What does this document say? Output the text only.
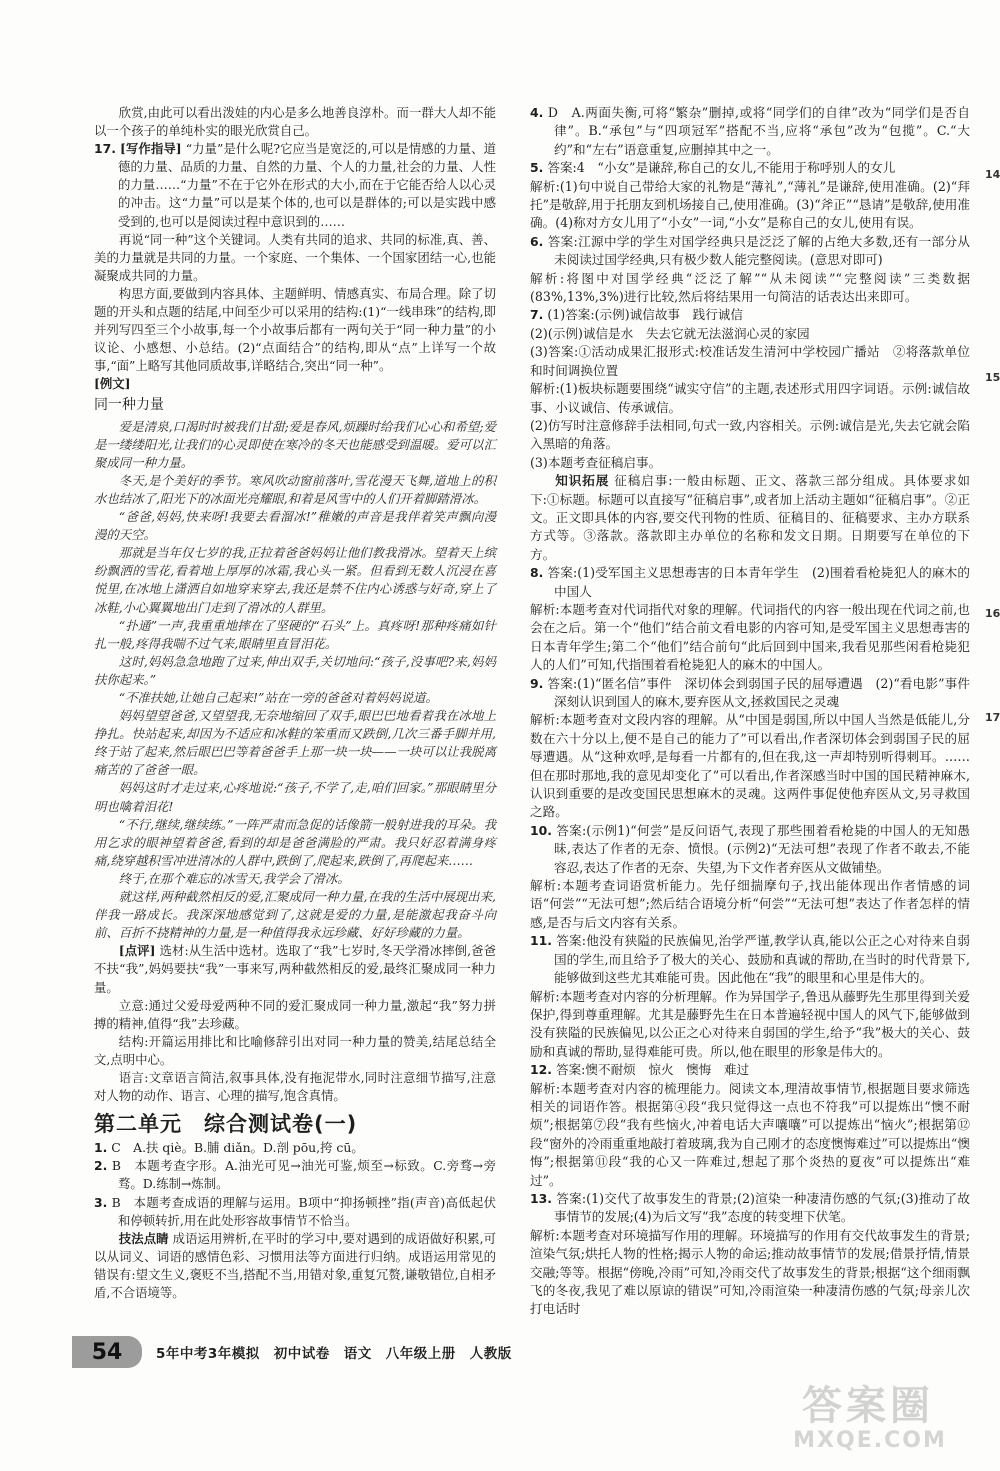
欣赏,由此可以看出泼娃的内心是多么地善良淳朴。而一群大人却不能以一个孩子的单纯朴实的眼光欣赏自己。

17. [写作指导] “力量”是什么呢?它应当是宽泛的,可以是情感的力量、道德的力量、品质的力量、自然的力量、个人的力量,社会的力量、人性的力量……“力量”不在于它外在形式的大小,而在于它能否给人以心灵的冲击。这“力量”可以是某个体的,也可以是群体的;可以是实践中感受到的,也可以是阅读过程中意识到的……

再说“同一种”这个关键词。人类有共同的追求、共同的标准,真、善、美的力量就是共同的力量。一个家庭、一个集体、一个国家团结一心,也能凝聚成共同的力量。

构思方面,要做到内容具体、主题鲜明、情感真实、布局合理。除了切题的开头和点题的结尾,中间至少可以采用的结构:(1)“一线串珠”的结构,即并列写四至三个小故事,每一个小故事后都有一两句关于“同一种力量”的小议论、小感想、小总结。(2)“点面结合”的结构,即从“点”上详写一个故事,“面”上略写其他同质故事,详略结合,突出“同一种”。

[例文]

同一种力量

爱是清泉,口渴时时被我们甘甜;爱是春风,烦躁时给我们心心和希望;爱是一缕缕阳光,让我们的心灵即使在寒冷的冬天也能感受到温暖。爱可以汇聚成同一种力量。

冬天,是个美好的季节。寒风吹动窗前落叶,雪花漫天飞舞,道地上的积水也结冰了,阳光下的冰面光亮耀眼,和着是风雪中的人们开着脚踏滑冰。

“爸爸,妈妈,快来呀!我要去看溜冰!”稚嫩的声音是我伴着笑声飘向漫漫的天空。

那就是当年仅七岁的我,正拉着爸爸妈妈让他们教我滑冰。望着天上缤纷飘洒的雪花,看着地上厚厚的冰霜,我心头一紧。但看到无数人沉浸在喜悦里,在冰地上潇洒自如地穿来穿去,我还是禁不住内心诱惑与好奇,穿上了冰鞋,小心翼翼地出门走到了滑冰的人群里。

“扑通”一声,我重重地摔在了坚硬的“石头”上。真疼呀!那种疼痛如针扎一般,疼得我喘不过气来,眼睛里直冒泪花。

这时,妈妈急急地跑了过来,伸出双手,关切地问:“孩子,没事吧?来,妈妈扶你起来。”

“不准扶她,让她自己起来!”站在一旁的爸爸对着妈妈说道。

妈妈望望爸爸,又望望我,无奈地缩回了双手,眼巴巴地看着我在冰地上挣扎。快站起来,却因为不适应和冰鞋的笨重而又跌倒,几次三番手脚并用,终于站了起来,然后眼巴巴等着爸爸手上那一块一块——一块可以让我脱离痛苦的了爸爸一眼。

妈妈这时才走过来,心疼地说:“孩子,不学了,走,咱们回家。”那眼睛里分明也噙着泪花!

“不行,继续,继续练。”一阵严肃而急促的话像箭一般射进我的耳朵。我用乞求的眼神望着爸爸,看到的却是爸爸满脸的严肃。我只好忍着满身疼痛,绕穿越积雪冲进清冰的人群中,跌倒了,爬起来,跌倒了,再爬起来……

终于,在那个难忘的冰雪天,我学会了滑冰。

就这样,两种截然相反的爱,汇聚成同一种力量,在我的生活中展现出来,伴我一路成长。我深深地感觉到了,这就是爱的力量,是能激起我奋斗向前、百折不挠精神的力量,是一种值得我永远珍藏、好好珍藏的力量。

[点评] 选材:从生活中选材。选取了“我”七岁时,冬天学滑冰摔倒,爸爸不扶“我”,妈妈要扶“我”一事来写,两种截然相反的爱,最终汇聚成同一种力量。

立意:通过父爱母爱两种不同的爱汇聚成同一种力量,激起“我”努力拼搏的精神,值得“我”去珍藏。

结构:开篇运用排比和比喻修辞引出对同一种力量的赞美,结尾总结全文,点明中心。

语言:文章语言简洁,叙事具体,没有拖泥带水,同时注意细节描写,注意对人物的动作、语言、心理的描写,饱含真情。

第二单元　综合测试卷(一)

1. C　A.扶 qiè。B.脯 diǎn。D.剖 pōu,挎 cū。

2. B　本题考查字形。A.油光可见→油光可鉴,烦至→标致。C.旁骛→旁骛。D.练制→炼制。

3. B　本题考查成语的理解与运用。B项中“抑扬顿挫”指(声音)高低起伏和停顿转折,用在此处形容故事情节不恰当。

技法点睛 成语运用辨析,在平时的学习中,要对遇到的成语做好积累,可以从词义、词语的感情色彩、习惯用法等方面进行归纳。成语运用常见的错误有:望文生义,褒贬不当,搭配不当,用错对象,重复冗赘,谦敬错位,自相矛盾,不合语境等。

4. D　A.两面失衡,可将“繁杂”删掉,或将“同学们的自律”改为“同学们是否自律”。B.“承包”与“四项冠军”搭配不当,应将“承包”改为“包揽”。C.“大约”和“左右”语意重复,应删掉其中之一。

5. 答案:4　“小女”是谦辞,称自己的女儿,不能用于称呼别人的女儿

解析:(1)句中说自己带给大家的礼物是“薄礼”,“薄礼”是谦辞,使用准确。(2)“拜托”是敬辞,用于托朋友到机场接自己,使用准确。(3)“斧正”“恳请”是敬辞,使用准确。(4)称对方女儿用了“小女”一词,“小女”是称自己的女儿,使用有误。

6. 答案:江源中学的学生对国学经典只是泛泛了解的占绝大多数,还有一部分从未阅读过国学经典,只有极少数人能完整阅读。(意思对即可)

解析:将图中对国学经典“泛泛了解”“从未阅读”“完整阅读”三类数据(83%,13%,3%)进行比较,然后将结果用一句简洁的话表达出来即可。

7. (1)答案:(示例)诚信故事　践行诚信

(2)(示例)诚信是水　失去它就无法滋润心灵的家园

(3)答案:①活动成果汇报形式:校准话发生清河中学校园广播站　②将落款单位和时间调换位置

解析:(1)板块标题要围绕“诚实守信”的主题,表述形式用四字词语。示例:诚信故事、小议诚信、传承诚信。

(2)仿写时注意修辞手法相同,句式一致,内容相关。示例:诚信是光,失去它就会陷入黑暗的角落。

(3)本题考查征稿启事。

知识拓展 征稿启事:一般由标题、正文、落款三部分组成。具体要求如下:①标题。标题可以直接写“征稿启事”,或者加上活动主题如“征稿启事”。②正文。正文即具体的内容,要交代刊物的性质、征稿目的、征稿要求、主办方联系方式等。③落款。落款即主办单位的名称和发文日期。日期要写在单位的下方。

8. 答案:(1)受军国主义思想毒害的日本青年学生　(2)围着看枪毙犯人的麻木的中国人

解析:本题考查对代词指代对象的理解。代词指代的内容一般出现在代词之前,也会在之后。第一个“他们”结合前文看电影的内容可知,是受军国主义思想毒害的日本青年学生;第二个“他们”结合前句“此后回到中国来,我看见那些闲看枪毙犯人的人们”可知,代指围着看枪毙犯人的麻木的中国人。

9. 答案:(1)“匿名信”事件　深切体会到弱国子民的屈辱遭遇　(2)“看电影”事件　深刻认识到国人的麻木,要弃医从文,拯救国民之灵魂

解析:本题考查对文段内容的理解。从“中国是弱国,所以中国人当然是低能儿,分数在六十分以上,便不是自己的能力了”可以看出,作者深切体会到弱国子民的屈辱遭遇。从“这种欢呼,是每看一片都有的,但在我,这一声却特别听得刺耳。……但在那时那地,我的意见却变化了”可以看出,作者深感当时中国的国民精神麻木,认识到重要的是改变国民思想麻木的灵魂。这两件事促使他弃医从文,另寻救国之路。

10. 答案:(示例1)“何尝”是反问语气,表现了那些围着看枪毙的中国人的无知愚昧,表达了作者的无奈、愤恨。(示例2)“无法可想”表现了作者不敢去,不能容忍,表达了作者的无奈、失望,为下文作者弃医从文做铺垫。

解析:本题考查词语赏析能力。先仔细揣摩句子,找出能体现出作者情感的词语“何尝”“无法可想”;然后结合语境分析“何尝”“无法可想”表达了作者怎样的情感,是否与后文内容有关系。

11. 答案:他没有狭隘的民族偏见,治学严谨,教学认真,能以公正之心对待来自弱国的学生,而且给予了极大的关心、鼓励和真诚的帮助,在当时的时代背景下,能够做到这些尤其难能可贵。因此他在“我”的眼里和心里是伟大的。

解析:本题考查对内容的分析理解。作为异国学子,鲁迅从藤野先生那里得到关爱保护,得到尊重理解。尤其是藤野先生在日本普遍轻视中国人的风气下,能够做到没有狭隘的民族偏见,以公正之心对待来自弱国的学生,给予“我”极大的关心、鼓励和真诚的帮助,显得难能可贵。所以,他在眼里的形象是伟大的。

12. 答案:懊不耐烦　惊火　懊悔　难过

解析:本题考查对内容的梳理能力。阅读文本,理清故事情节,根据题目要求筛选相关的词语作答。根据第④段“我只觉得这一点也不符我”可以提炼出“懊不耐烦”;根据第⑦段“我有些恼火,冲着电话大声嚷嚷”可以提炼出“恼火”;根据第⑫段“窗外的冷雨重重地敲打着玻璃,我为自己刚才的态度懊悔难过”可以提炼出“懊悔”;根据第⑪段“我的心又一阵难过,想起了那个炎热的夏夜”可以提炼出“难过”。

13. 答案:(1)交代了故事发生的背景;(2)渲染一种凄清伤感的气氛;(3)推动了故事情节的发展;(4)为后文写“我”态度的转变埋下伏笔。

解析:本题考查对环境描写作用的理解。环境描写的作用有交代故事发生的背景;渲染气氛;烘托人物的性格;揭示人物的命运;推动故事情节的发展;借景抒情,情景交融;等等。根据“傍晚,冷雨”可知,冷雨交代了故事发生的背景;根据“这个细雨飘飞的冬夜,我见了难以原谅的错误”可知,冷雨渲染一种凄清伤感的气氛;母亲儿次打电话时

14
15
16
17
54	5年中考3年模拟　初中试卷　语文　八年级上册　人教版
答案圈
MXQE.COM
